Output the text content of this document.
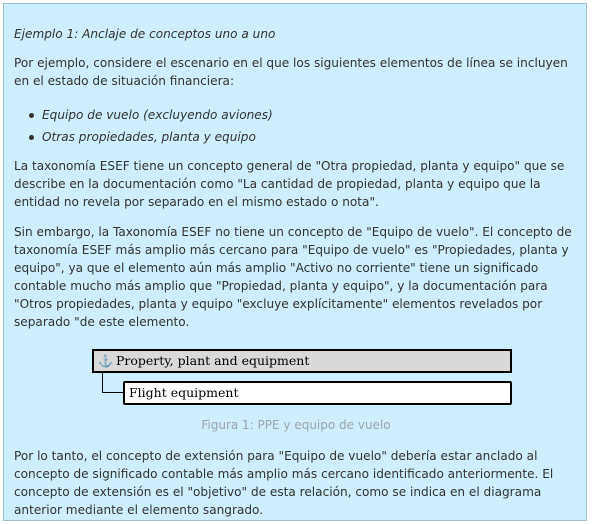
Ejemplo 1: Anclaje de conceptos uno a uno

Por ejemplo, considere el escenario en el que los siguientes elementos de línea se incluyen en el estado de situación financiera:

Equipo de vuelo (excluyendo aviones)
Otras propiedades, planta y equipo

La taxonomía ESEF tiene un concepto general de "Otra propiedad, planta y equipo" que se describe en la documentación como "La cantidad de propiedad, planta y equipo que la entidad no revela por separado en el mismo estado o nota".

Sin embargo, la Taxonomía ESEF no tiene un concepto de "Equipo de vuelo". El concepto de taxonomía ESEF más amplio más cercano para "Equipo de vuelo" es "Propiedades, planta y equipo", ya que el elemento aún más amplio "Activo no corriente" tiene un significado contable mucho más amplio que "Propiedad, planta y equipo", y la documentación para "Otros propiedades, planta y equipo "excluye explícitamente" elementos revelados por separado "de este elemento.

⚓ Property, plant and equipment
Flight equipment
Figura 1: PPE y equipo de vuelo

Por lo tanto, el concepto de extensión para "Equipo de vuelo" debería estar anclado al concepto de significado contable más amplio más cercano identificado anteriormente. El concepto de extensión es el "objetivo" de esta relación, como se indica en el diagrama anterior mediante el elemento sangrado.
